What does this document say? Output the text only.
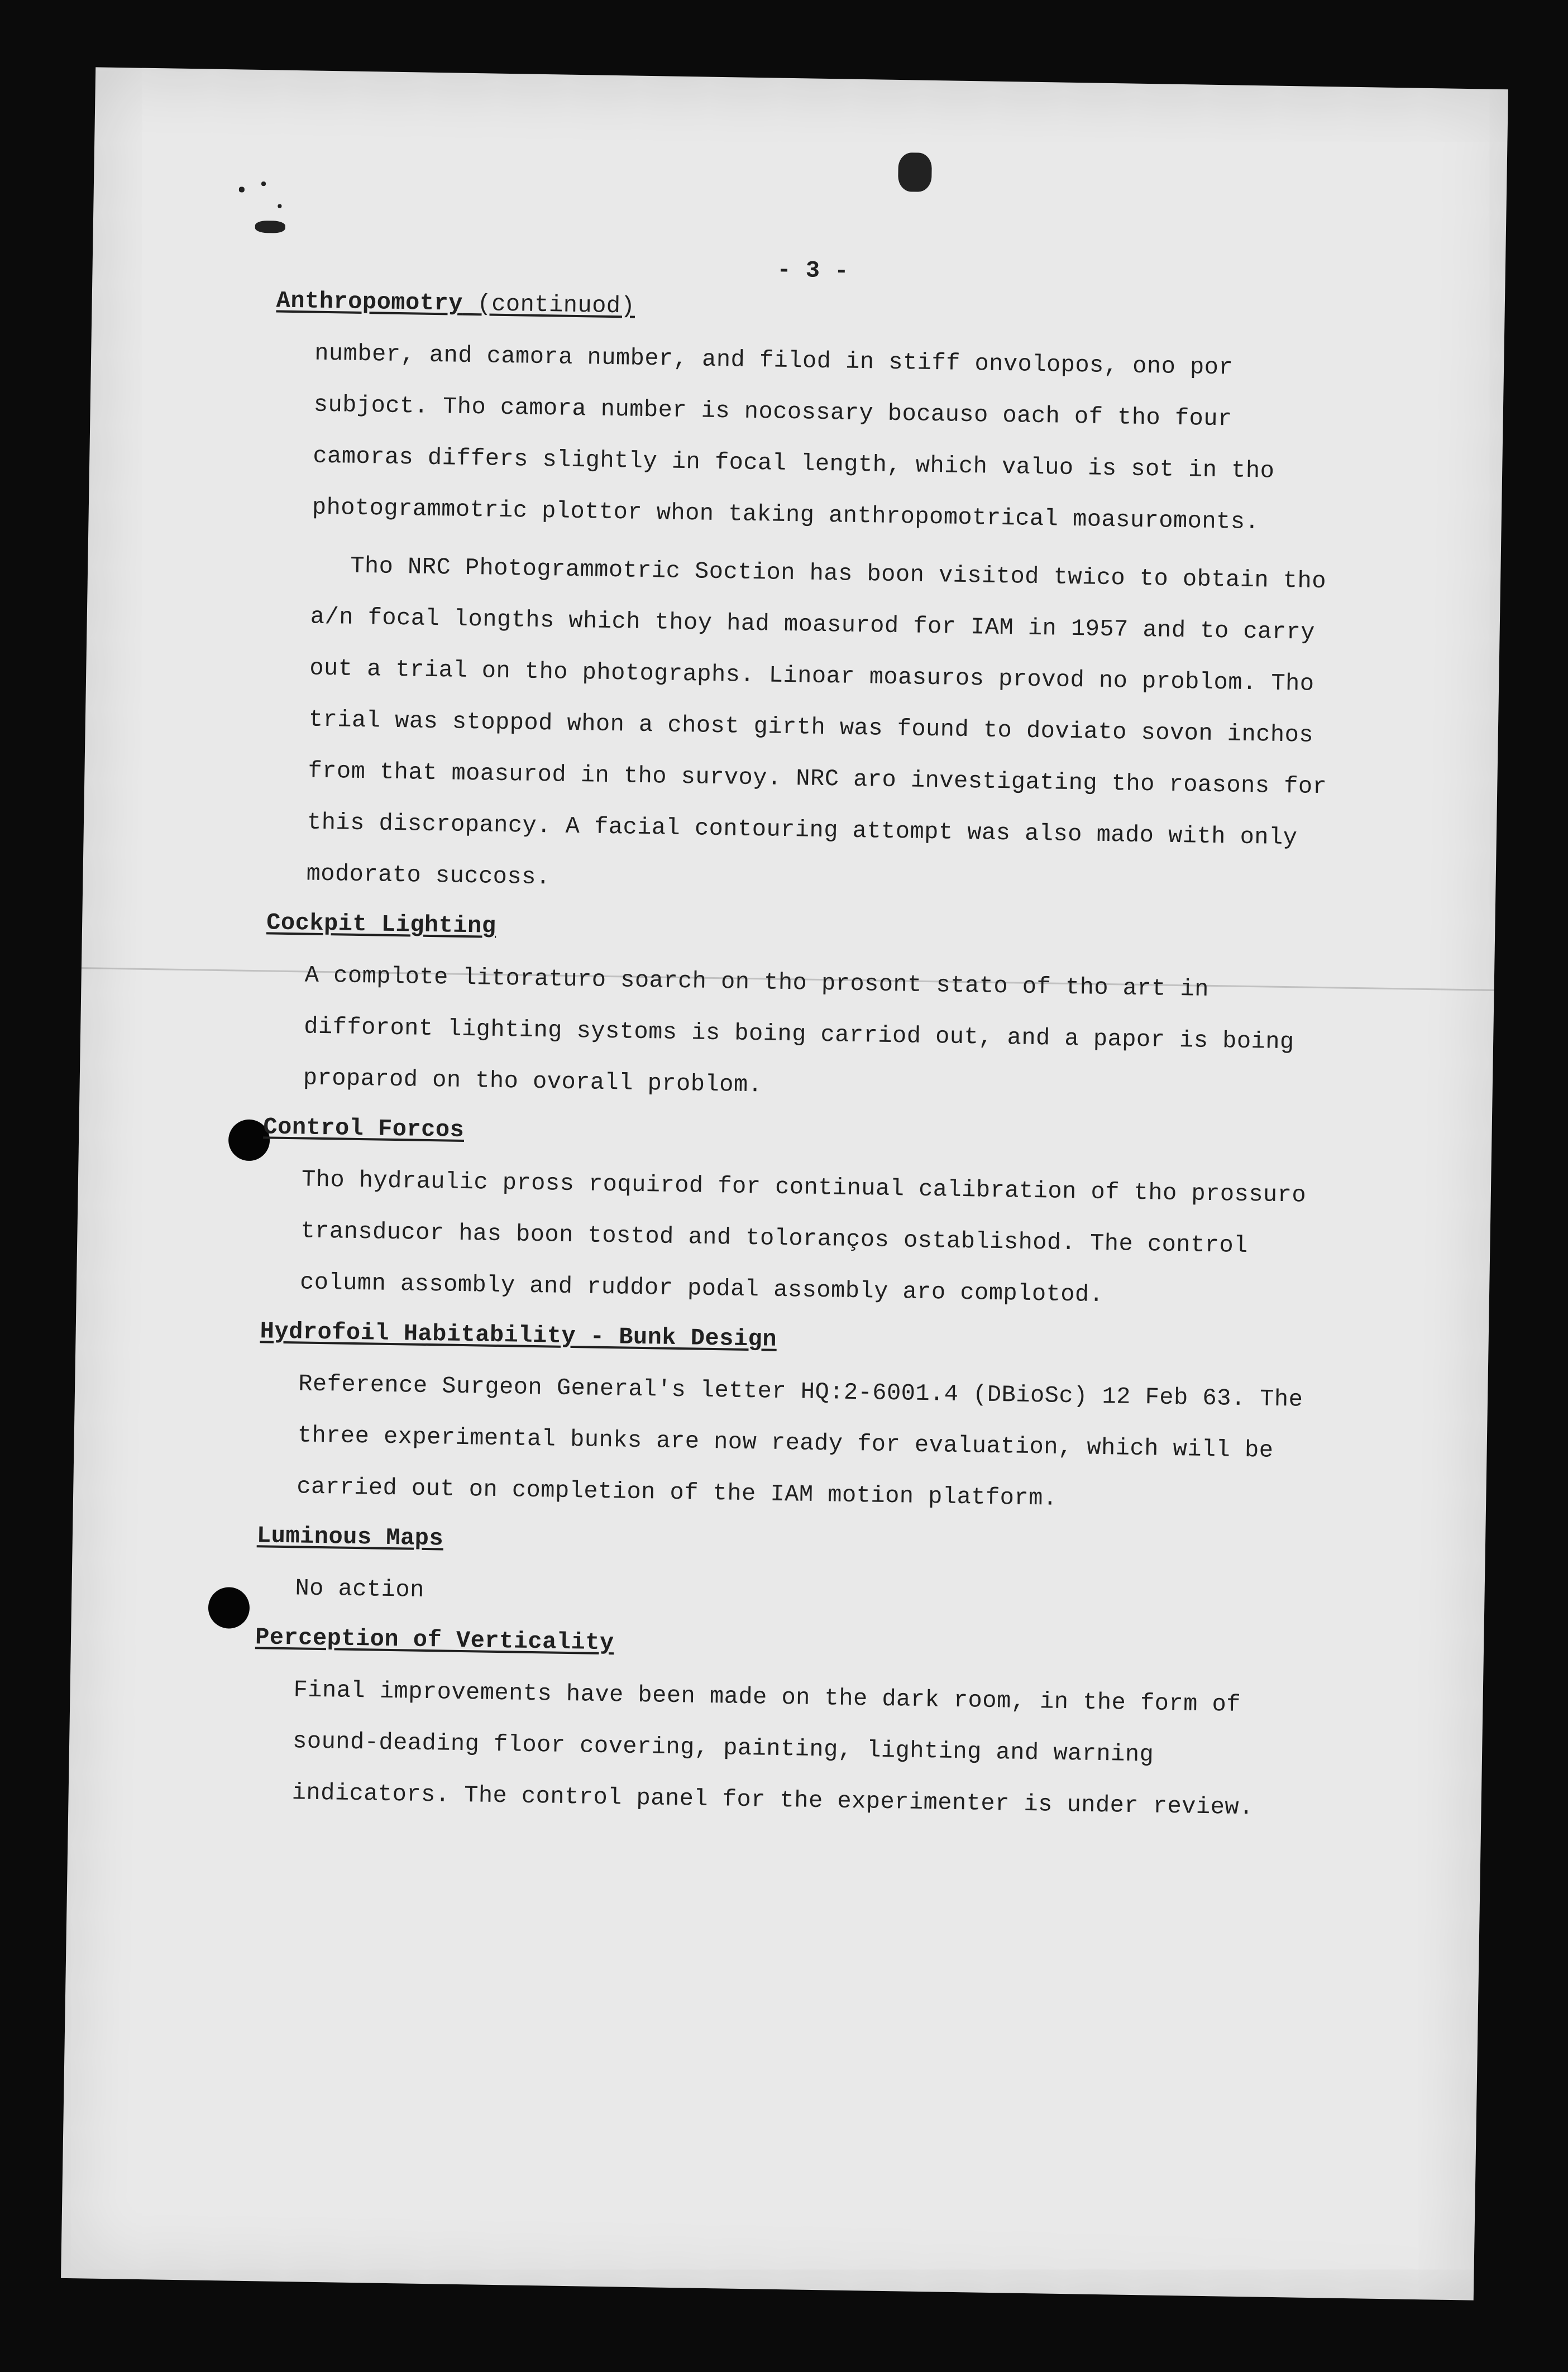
- 3 -
Anthropomotry (continuod)

number, and camora number, and filod in stiff onvolopos, ono por subjoct. Tho camora number is nocossary bocauso oach of tho four camoras differs slightly in focal length, which valuo is sot in tho photogrammotric plottor whon taking anthropomotrical moasuromonts.

Tho NRC Photogrammotric Soction has boon visitod twico to obtain tho a/n focal longths which thoy had moasurod for IAM in 1957 and to carry out a trial on tho photographs. Linoar moasuros provod no problom. Tho trial was stoppod whon a chost girth was found to doviato sovon inchos from that moasurod in tho survoy. NRC aro investigating tho roasons for this discropancy. A facial contouring attompt was also mado with only modorato succoss.

Cockpit Lighting

A complote litoraturo soarch on tho prosont stato of tho art in difforont lighting systoms is boing carriod out, and a papor is boing proparod on tho ovorall problom.

Control Forcos

Tho hydraulic pross roquirod for continual calibration of tho prossuro transducor has boon tostod and toloranços ostablishod. The control column assombly and ruddor podal assombly aro complotod.

Hydrofoil Habitability - Bunk Design

Reference Surgeon General's letter HQ:2-6001.4 (DBioSc) 12 Feb 63. The three experimental bunks are now ready for evaluation, which will be carried out on completion of the IAM motion platform.

Luminous Maps

No action

Perception of Verticality

Final improvements have been made on the dark room, in the form of sound-deading floor covering, painting, lighting and warning indicators. The control panel for the experimenter is under review.
